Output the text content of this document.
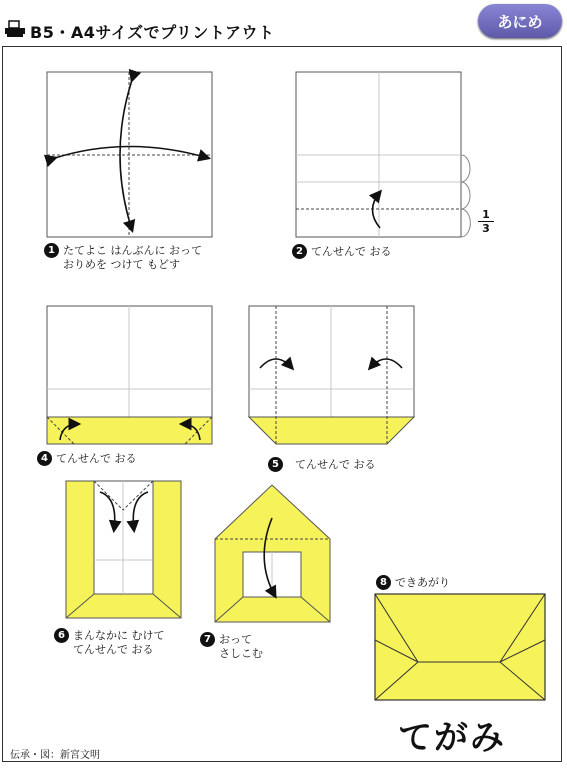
B5・A4サイズでプリントアウト
あにめ
$\frac{1}{3}$
1 たてよこ はんぶんに おって
おりめを つけて もどす
2 てんせんで おる
4 てんせんで おる	5 てんせんで おる
6 まんなかに むけて
てんせんで おる
7 おって
さしこむ
8 できあがり
てがみ
伝承・図：新宮文明
